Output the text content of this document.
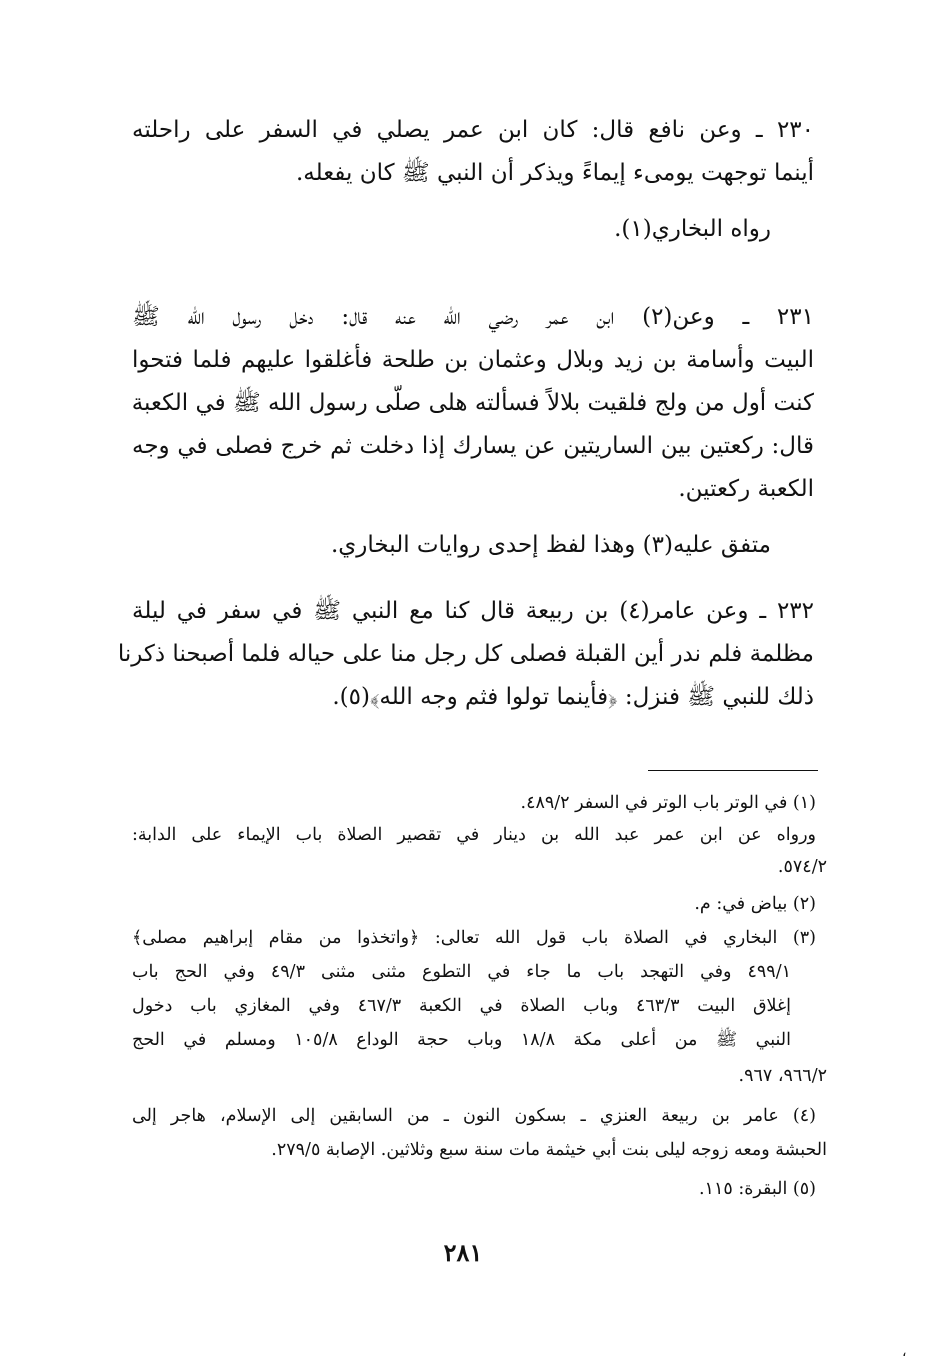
٢٣٠ ـ وعن نافع قال: كان ابن عمر يصلي في السفر على راحلته
أينما توجهت يومىء إيماءً ويذكر أن النبي ﷺ كان يفعله.
رواه البخاري(١).
٢٣١ ـ وعن(٢) ابن عمر رضي الله عنه قال: دخل رسول الله ﷺ
البيت وأسامة بن زيد وبلال وعثمان بن طلحة فأغلقوا عليهم فلما فتحوا
كنت أول من ولج فلقيت بلالاً فسألته هلى صلّى رسول الله ﷺ في الكعبة
قال: ركعتين بين الساريتين عن يسارك إذا دخلت ثم خرج فصلى في وجه
الكعبة ركعتين.
متفق عليه(٣) وهذا لفظ إحدى روايات البخاري.
٢٣٢ ـ وعن عامر(٤) بن ربيعة قال كنا مع النبي ﷺ في سفر في ليلة
مظلمة فلم ندر أين القبلة فصلى كل رجل منا على حياله فلما أصبحنا ذكرنا
ذلك للنبي ﷺ فنزل: ﴿فأينما تولوا فثم وجه الله﴾(٥).
(١) في الوتر باب الوتر في السفر ٤٨٩/٢.
ورواه عن ابن عمر عبد الله بن دينار في تقصير الصلاة باب الإيماء على الدابة:
٥٧٤/٢.
(٢) بياض في: م.
(٣) البخاري في الصلاة باب قول الله تعالى: ﴿واتخذوا من مقام إبراهيم مصلى﴾
٤٩٩/١ وفي التهجد باب ما جاء في التطوع مثنى مثنى ٤٩/٣ وفي الحج باب
إغلاق البيت ٤٦٣/٣ وباب الصلاة في الكعبة ٤٦٧/٣ وفي المغازي باب دخول
النبي ﷺ من أعلى مكة ١٨/٨ وباب حجة الوداع ١٠٥/٨ ومسلم في الحج
٩٦٦/٢، ٩٦٧.
(٤) عامر بن ربيعة العنزي ـ بسكون النون ـ من السابقين إلى الإسلام، هاجر إلى
الحبشة ومعه زوجه ليلى بنت أبي خيثمة مات سنة سبع وثلاثين. الإصابة ٢٧٩/٥.
(٥) البقرة: ١١٥.
٢٨١
،
